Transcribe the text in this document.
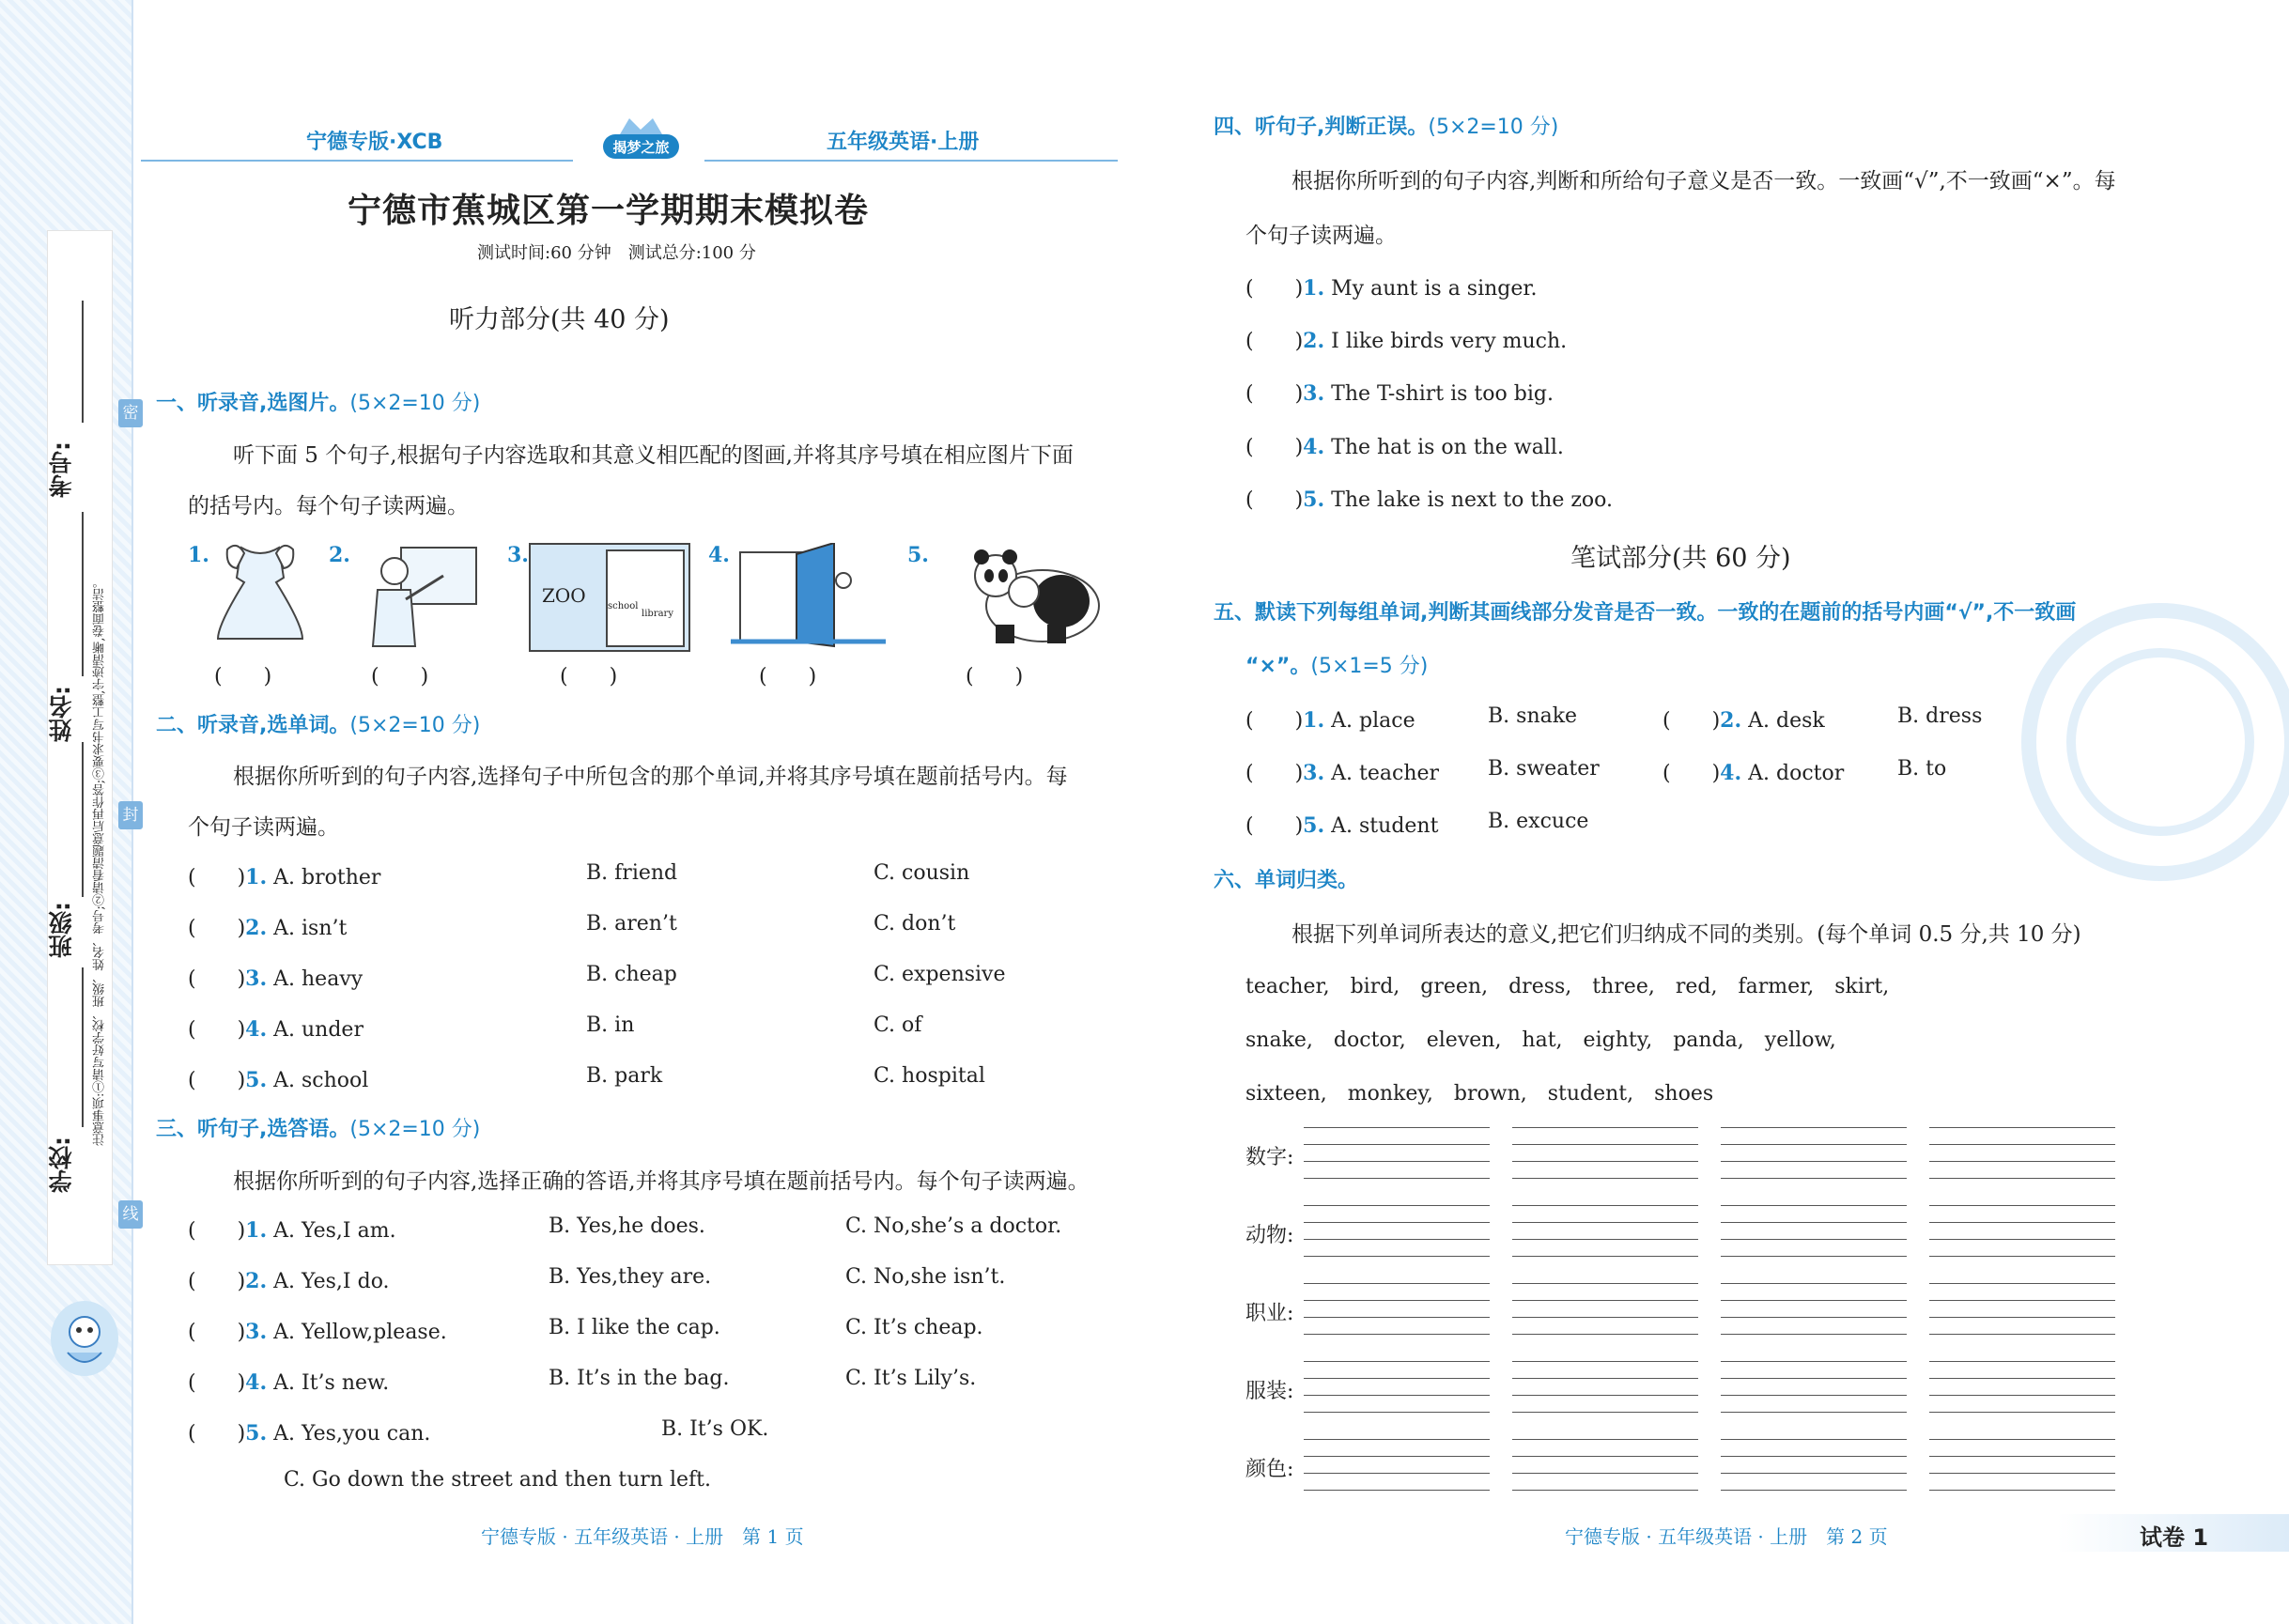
考号:
姓名:
班级:
学校:
注意事项:①请写好学校、班级、姓名、考号;②请看清题意后再作答;③要求书写工整,字迹清晰,卷面整洁。
密
封
线
宁德专版·XCB	揭梦之旅	五年级英语·上册
宁德市蕉城区第一学期期末模拟卷
测试时间:60 分钟　测试总分:100 分
听力部分(共 40 分)
一、听录音,选图片。(5×2=10 分)
听下面 5 个句子,根据句子内容选取和其意义相匹配的图画,并将其序号填在相应图片下面
的括号内。每个句子读两遍。
1.
(　　)
2.
(　　)
3.
ZOO school
library
(　　)
4.
(　　)
5.
(　　)
二、听录音,选单词。(5×2=10 分)
根据你所听到的句子内容,选择句子中所包含的那个单词,并将其序号填在题前括号内。每
个句子读两遍。
(　　)1. A. brother	B. friend	C. cousin
(　　)2. A. isn’t	B. aren’t	C. don’t
(　　)3. A. heavy	B. cheap	C. expensive
(　　)4. A. under	B. in	C. of
(　　)5. A. school	B. park	C. hospital
三、听句子,选答语。(5×2=10 分)
根据你所听到的句子内容,选择正确的答语,并将其序号填在题前括号内。每个句子读两遍。
(　　)1. A. Yes,I am.	B. Yes,he does.	C. No,she’s a doctor.
(　　)2. A. Yes,I do.	B. Yes,they are.	C. No,she isn’t.
(　　)3. A. Yellow,please.	B. I like the cap.	C. It’s cheap.
(　　)4. A. It’s new.	B. It’s in the bag.	C. It’s Lily’s.
(　　)5. A. Yes,you can.	B. It’s OK.
C. Go down the street and then turn left.
宁德专版 · 五年级英语 · 上册　第 1 页
四、听句子,判断正误。(5×2=10 分)
根据你所听到的句子内容,判断和所给句子意义是否一致。一致画“√”,不一致画“×”。每
个句子读两遍。
(　　)1. My aunt is a singer.
(　　)2. I like birds very much.
(　　)3. The T-shirt is too big.
(　　)4. The hat is on the wall.
(　　)5. The lake is next to the zoo.
笔试部分(共 60 分)
五、默读下列每组单词,判断其画线部分发音是否一致。一致的在题前的括号内画“√”,不一致画
“×”。(5×1=5 分)
(　　)1. A. place	B. snake	(　　)2. A. desk	B. dress
(　　)3. A. teacher B. sweater	(　　)4. A. doctor	B. to
(　　)5. A. student B. excuce
六、单词归类。
根据下列单词所表达的意义,把它们归纳成不同的类别。(每个单词 0.5 分,共 10 分)
teacher,　bird,　green,　dress,　three,　red,　farmer,　skirt,
snake,　doctor,　eleven,　hat,　eighty,　panda,　yellow,
sixteen,　monkey,　brown,　student,　shoes
数字:
动物:
职业:
服装:
颜色:
宁德专版 · 五年级英语 · 上册　第 2 页	试卷 1
